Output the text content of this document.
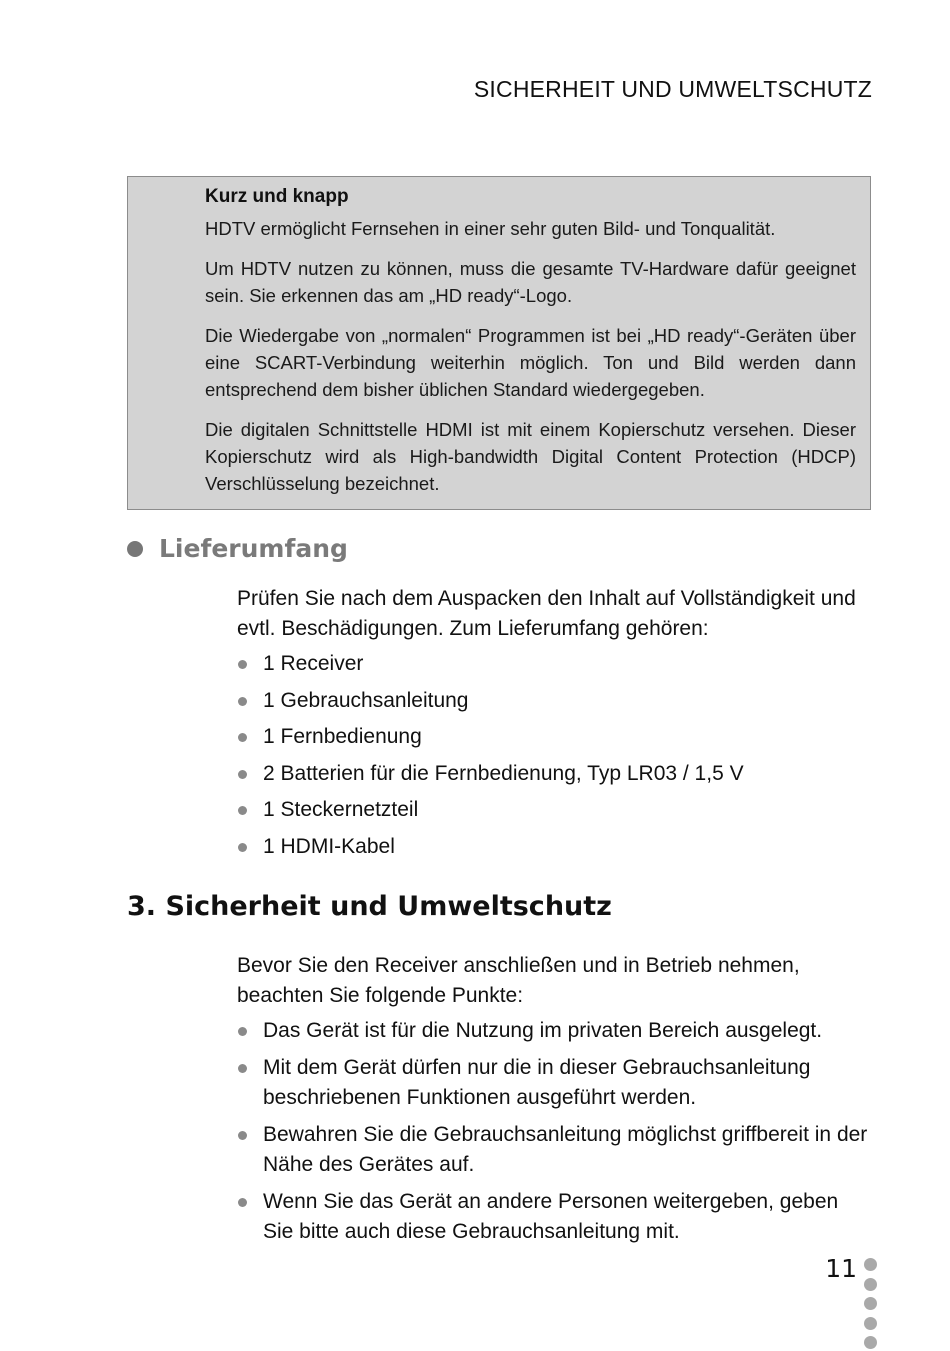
SICHERHEIT UND UMWELTSCHUTZ
Kurz und knapp

HDTV ermöglicht Fernsehen in einer sehr guten Bild- und Tonqualität.

Um HDTV nutzen zu können, muss die gesamte TV-Hardware dafür geeignet sein. Sie erkennen das am „HD ready“-Logo.

Die Wiedergabe von „normalen“ Programmen ist bei „HD ready“-Geräten über eine SCART-Verbindung weiterhin möglich. Ton und Bild werden dann entsprechend dem bisher üblichen Standard wiedergegeben.

Die digitalen Schnittstelle HDMI ist mit einem Kopierschutz versehen. Dieser Kopierschutz wird als High-bandwidth Digital Content Protection (HDCP) Verschlüsselung bezeichnet.

Lieferumfang

Prüfen Sie nach dem Auspacken den Inhalt auf Vollständigkeit und evtl. Beschädigungen. Zum Lieferumfang gehören:

1 Receiver
1 Gebrauchsanleitung
1 Fernbedienung
2 Batterien für die Fernbedienung, Typ LR03 / 1,5 V
1 Steckernetzteil
1 HDMI-Kabel
3. Sicherheit und Umweltschutz

Bevor Sie den Receiver anschließen und in Betrieb nehmen, beachten Sie folgende Punkte:

Das Gerät ist für die Nutzung im privaten Bereich ausgelegt.
Mit dem Gerät dürfen nur die in dieser Gebrauchsanleitung beschriebenen Funktionen ausgeführt werden.
Bewahren Sie die Gebrauchsanleitung möglichst griffbereit in der Nähe des Gerätes auf.
Wenn Sie das Gerät an andere Personen weitergeben, geben Sie bitte auch diese Gebrauchsanleitung mit.
11
